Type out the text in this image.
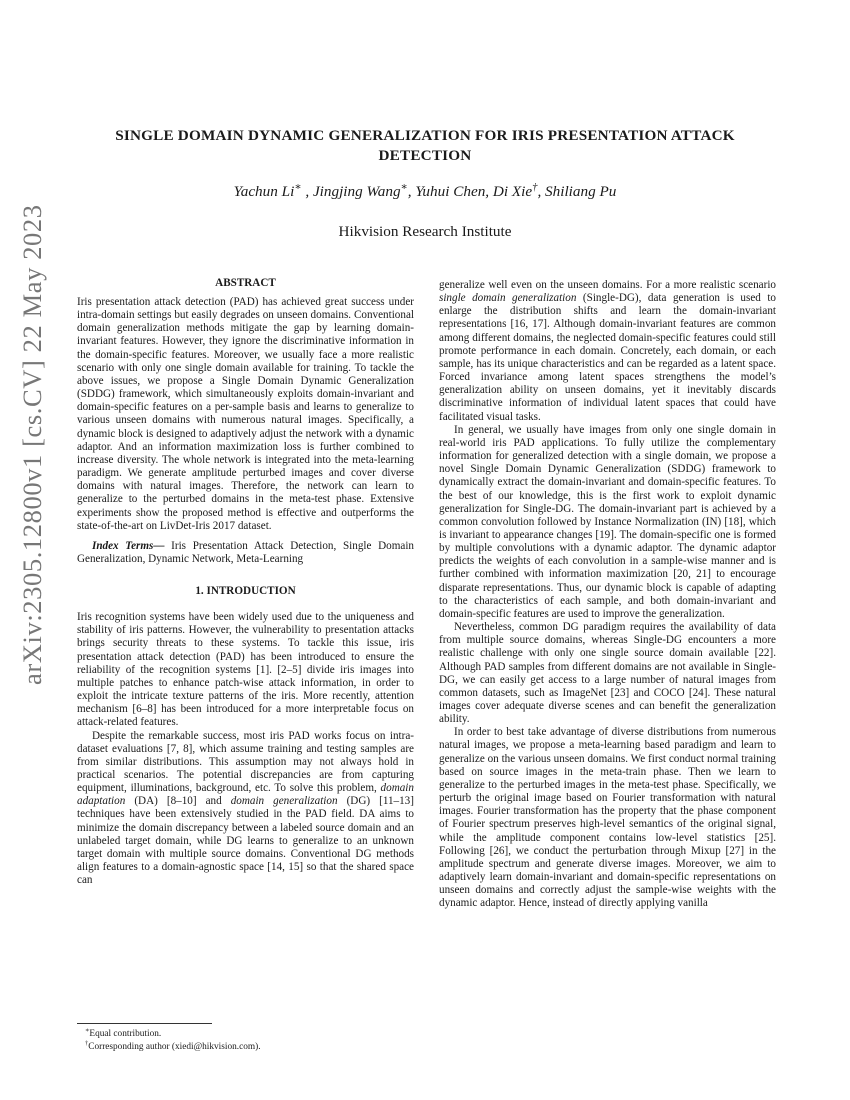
arXiv:2305.12800v1 [cs.CV] 22 May 2023
SINGLE DOMAIN DYNAMIC GENERALIZATION FOR IRIS PRESENTATION ATTACK DETECTION
Yachun Li∗ , Jingjing Wang∗, Yuhui Chen, Di Xie†, Shiliang Pu
Hikvision Research Institute
ABSTRACT

Iris presentation attack detection (PAD) has achieved great success under intra-domain settings but easily degrades on unseen domains. Conventional domain generalization methods mitigate the gap by learning domain-invariant features. However, they ignore the discriminative information in the domain-specific features. Moreover, we usually face a more realistic scenario with only one single domain available for training. To tackle the above issues, we propose a Single Domain Dynamic Generalization (SDDG) framework, which simultaneously exploits domain-invariant and domain-specific features on a per-sample basis and learns to generalize to various unseen domains with numerous natural images. Specifically, a dynamic block is designed to adaptively adjust the network with a dynamic adaptor. And an information maximization loss is further combined to increase diversity. The whole network is integrated into the meta-learning paradigm. We generate amplitude perturbed images and cover diverse domains with natural images. Therefore, the network can learn to generalize to the perturbed domains in the meta-test phase. Extensive experiments show the proposed method is effective and outperforms the state-of-the-art on LivDet-Iris 2017 dataset.

Index Terms— Iris Presentation Attack Detection, Single Domain Generalization, Dynamic Network, Meta-Learning

1. INTRODUCTION

Iris recognition systems have been widely used due to the uniqueness and stability of iris patterns. However, the vulnerability to presentation attacks brings security threats to these systems. To tackle this issue, iris presentation attack detection (PAD) has been introduced to ensure the reliability of the recognition systems [1]. [2–5] divide iris images into multiple patches to enhance patch-wise attack information, in order to exploit the intricate texture patterns of the iris. More recently, attention mechanism [6–8] has been introduced for a more interpretable focus on attack-related features.

Despite the remarkable success, most iris PAD works focus on intra-dataset evaluations [7, 8], which assume training and testing samples are from similar distributions. This assumption may not always hold in practical scenarios. The potential discrepancies are from capturing equipment, illuminations, background, etc. To solve this problem, domain adaptation (DA) [8–10] and domain generalization (DG) [11–13] techniques have been extensively studied in the PAD field. DA aims to minimize the domain discrepancy between a labeled source domain and an unlabeled target domain, while DG learns to generalize to an unknown target domain with multiple source domains. Conventional DG methods align features to a domain-agnostic space [14, 15] so that the shared space can

generalize well even on the unseen domains. For a more realistic scenario single domain generalization (Single-DG), data generation is used to enlarge the distribution shifts and learn the domain-invariant representations [16, 17]. Although domain-invariant features are common among different domains, the neglected domain-specific features could still promote performance in each domain. Concretely, each domain, or each sample, has its unique characteristics and can be regarded as a latent space. Forced invariance among latent spaces strengthens the model’s generalization ability on unseen domains, yet it inevitably discards discriminative information of individual latent spaces that could have facilitated visual tasks.

In general, we usually have images from only one single domain in real-world iris PAD applications. To fully utilize the complementary information for generalized detection with a single domain, we propose a novel Single Domain Dynamic Generalization (SDDG) framework to dynamically extract the domain-invariant and domain-specific features. To the best of our knowledge, this is the first work to exploit dynamic generalization for Single-DG. The domain-invariant part is achieved by a common convolution followed by Instance Normalization (IN) [18], which is invariant to appearance changes [19]. The domain-specific one is formed by multiple convolutions with a dynamic adaptor. The dynamic adaptor predicts the weights of each convolution in a sample-wise manner and is further combined with information maximization [20, 21] to encourage disparate representations. Thus, our dynamic block is capable of adapting to the characteristics of each sample, and both domain-invariant and domain-specific features are used to improve the generalization.

Nevertheless, common DG paradigm requires the availability of data from multiple source domains, whereas Single-DG encounters a more realistic challenge with only one single source domain available [22]. Although PAD samples from different domains are not available in Single-DG, we can easily get access to a large number of natural images from common datasets, such as ImageNet [23] and COCO [24]. These natural images cover adequate diverse scenes and can benefit the generalization ability.

In order to best take advantage of diverse distributions from numerous natural images, we propose a meta-learning based paradigm and learn to generalize on the various unseen domains. We first conduct normal training based on source images in the meta-train phase. Then we learn to generalize to the perturbed images in the meta-test phase. Specifically, we perturb the original image based on Fourier transformation with natural images. Fourier transformation has the property that the phase component of Fourier spectrum preserves high-level semantics of the original signal, while the amplitude component contains low-level statistics [25]. Following [26], we conduct the perturbation through Mixup [27] in the amplitude spectrum and generate diverse images. Moreover, we aim to adaptively learn domain-invariant and domain-specific representations on unseen domains and correctly adjust the sample-wise weights with the dynamic adaptor. Hence, instead of directly applying vanilla

∗Equal contribution.
†Corresponding author (xiedi@hikvision.com).
